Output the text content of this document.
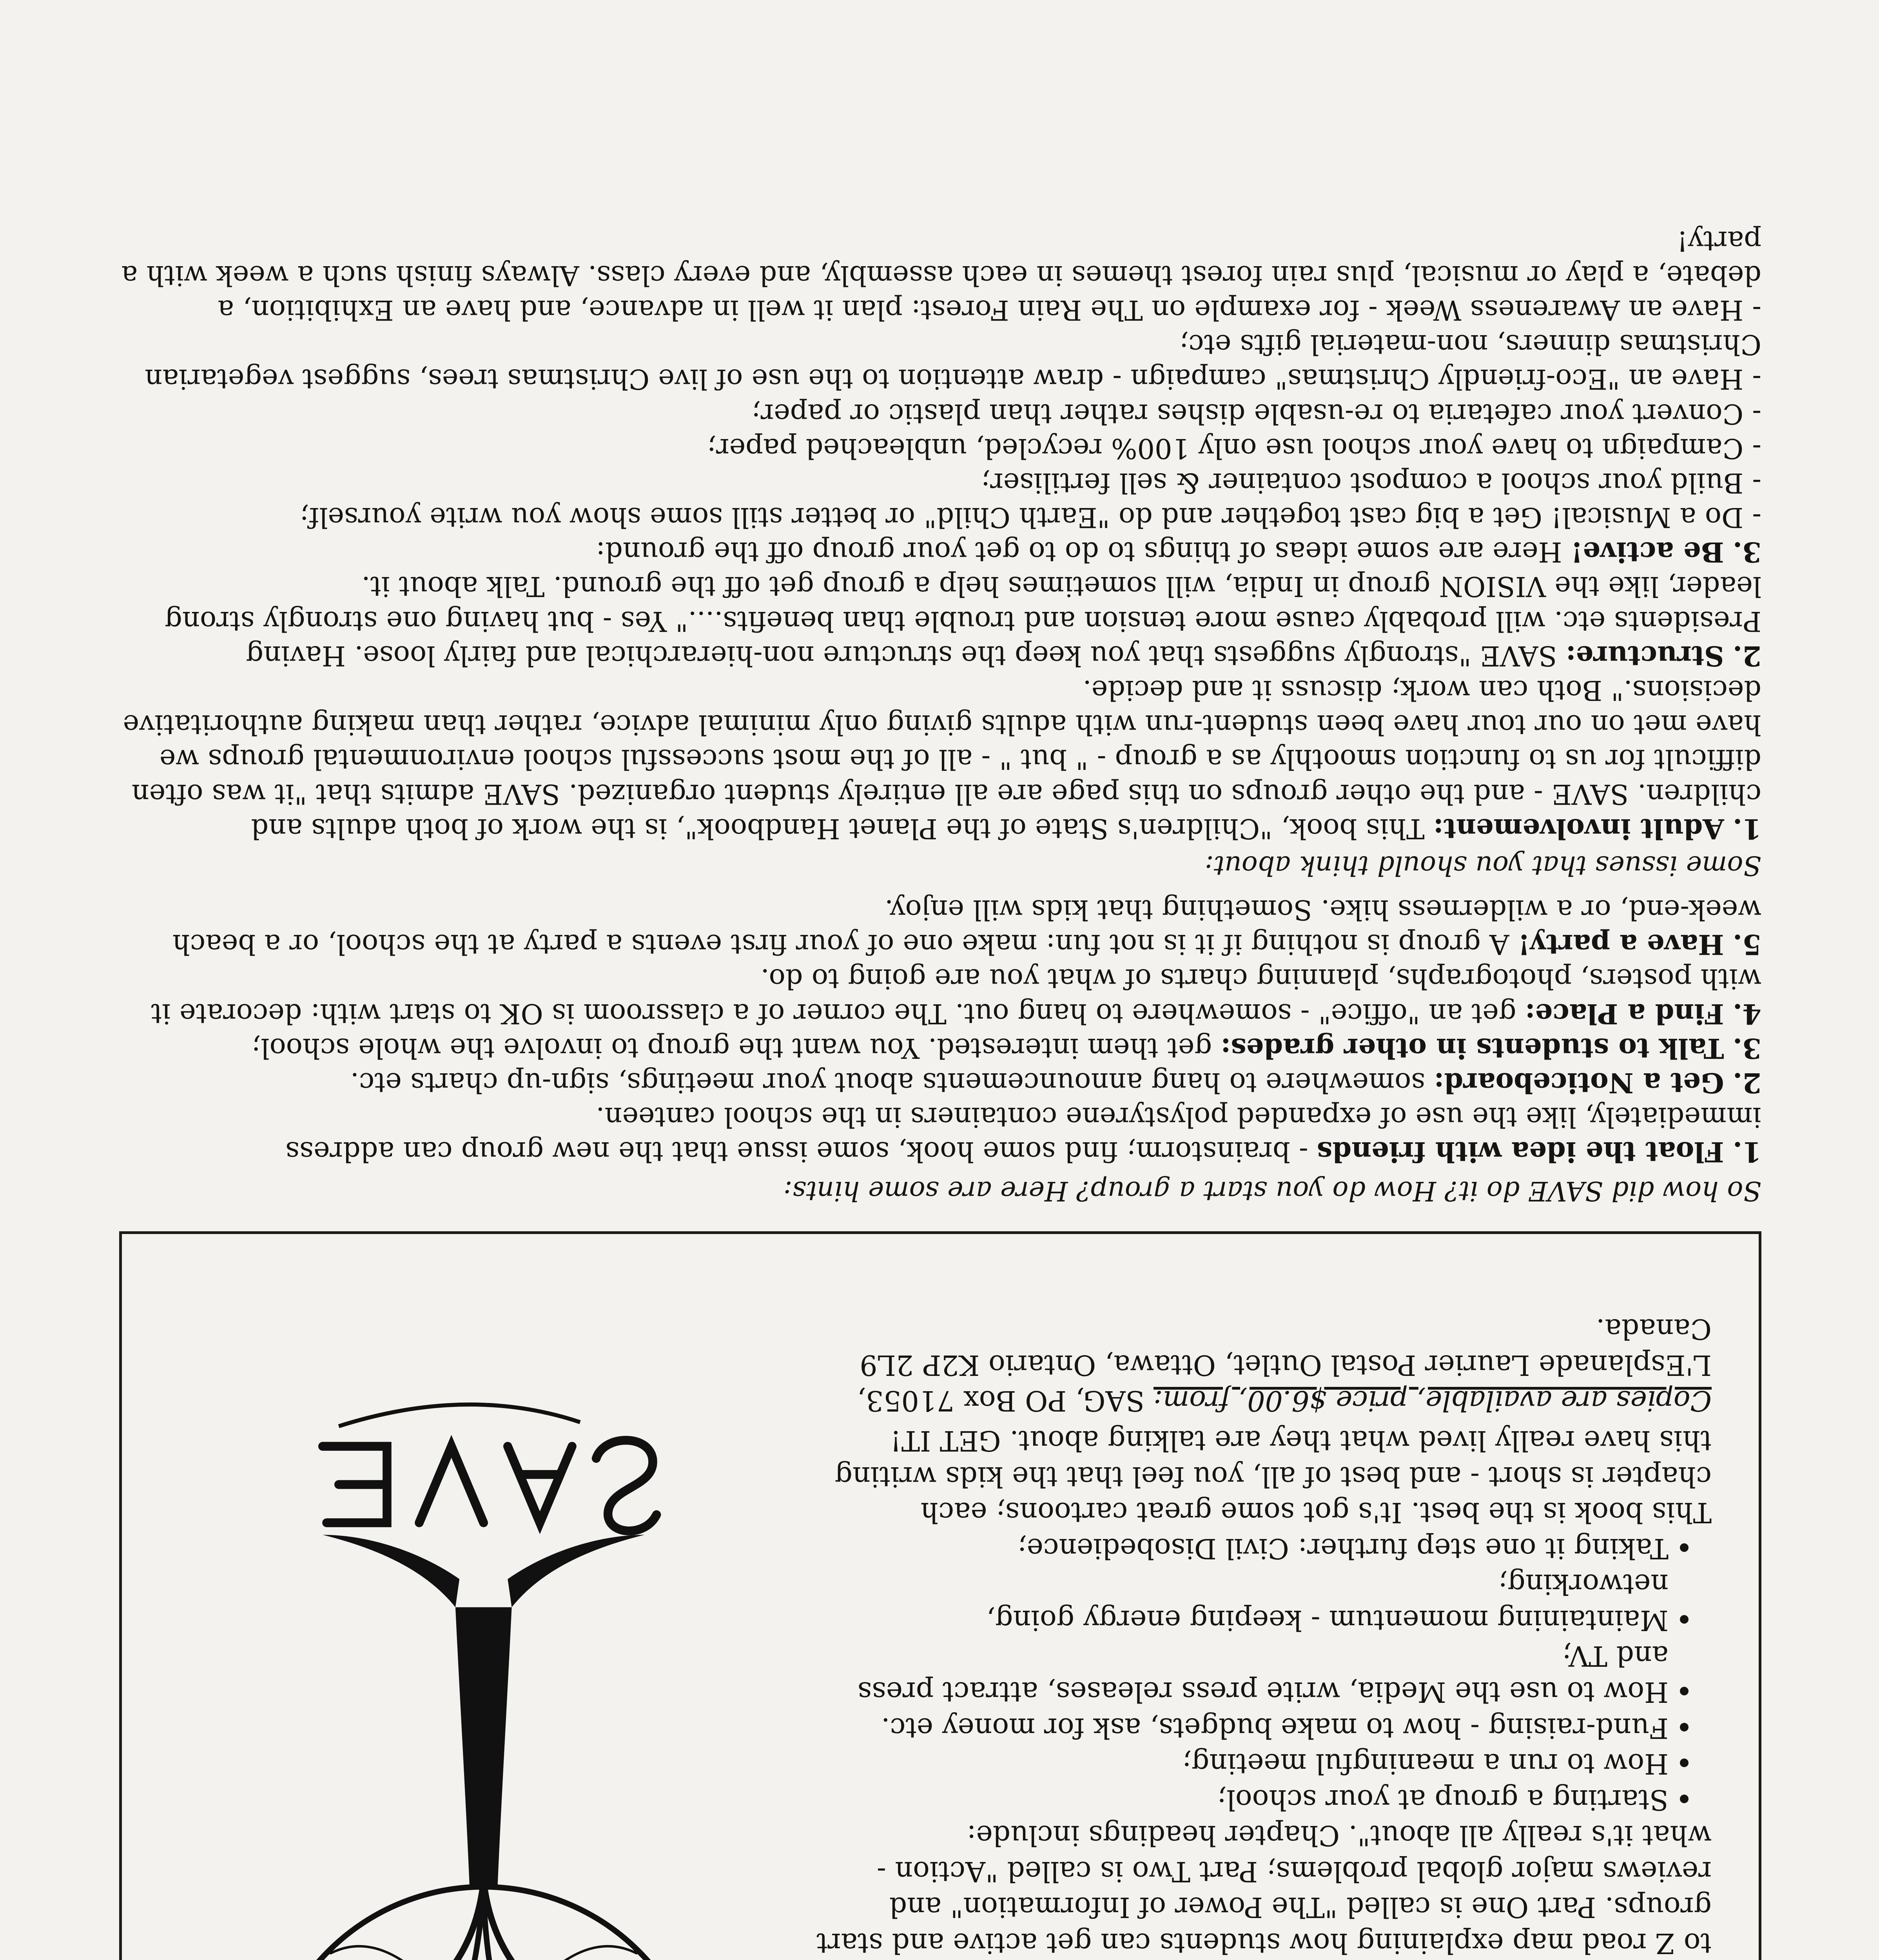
to Z road map explaining how students can get active and start groups. Part One is called "The Power of Information" and reviews major global problems; Part Two is called "Action - what it's really all about". Chapter headings include:

• Starting a group at your school;
• How to run a meaningful meeting;
• Fund-raising - how to make budgets, ask for money etc.
• How to use the Media, write press releases, attract press and TV;
• Maintaining momentum - keeping energy going, networking;
• Taking it one step further: Civil Disobedience;

This book is the best. It's got some great cartoons; each chapter is short - and best of all, you feel that the kids writing this have really lived what they are talking about. GET IT!

Copies are available, price $6.00, from: SAG, PO Box 71053,
L'Esplanade Laurier Postal Outlet, Ottawa, Ontario K2P 2L9 Canada.

So how did SAVE do it? How do you start a group? Here are some hints:

1. Float the idea with friends - brainstorm; find some hook, some issue that the new group can address immediately, like the use of expanded polystyrene containers in the school canteen.
2. Get a Noticeboard: somewhere to hang announcements about your meetings, sign-up charts etc.
3. Talk to students in other grades: get them interested. You want the group to involve the whole school;
4. Find a Place: get an "office" - somewhere to hang out. The corner of a classroom is OK to start with: decorate it with posters, photographs, planning charts of what you are going to do.
5. Have a party! A group is nothing if it is not fun: make one of your first events a party at the school, or a beach week-end, or a wilderness hike. Something that kids will enjoy.

Some issues that you should think about:

1. Adult involvement: This book, "Children's State of the Planet Handbook", is the work of both adults and children. SAVE - and the other groups on this page are all entirely student organized. SAVE admits that "it was often difficult for us to function smoothly as a group - " but " - all of the most successful school environmental groups we have met on our tour have been student-run with adults giving only minimal advice, rather than making authoritative decisions." Both can work; discuss it and decide.
2. Structure: SAVE "strongly suggests that you keep the structure non-hierarchical and fairly loose. Having Presidents etc. will probably cause more tension and trouble than benefits...." Yes - but having one strongly strong leader, like the VISION group in India, will sometimes help a group get off the ground. Talk about it.
3. Be active! Here are some ideas of things to do to get your group off the ground:

- Do a Musical! Get a big cast together and do "Earth Child" or better still some show you write yourself;

- Build your school a compost container & sell fertiliser;

- Campaign to have your school use only 100% recycled, unbleached paper;

- Convert your cafetaria to re-usable dishes rather than plastic or paper;

- Have an "Eco-friendly Christmas" campaign - draw attention to the use of live Christmas trees, suggest vegetarian Christmas dinners, non-material gifts etc;

- Have an Awareness Week - for example on The Rain Forest: plan it well in advance, and have an Exhibition, a debate, a play or musical, plus rain forest themes in each assembly, and every class. Always finish such a week with a party!
